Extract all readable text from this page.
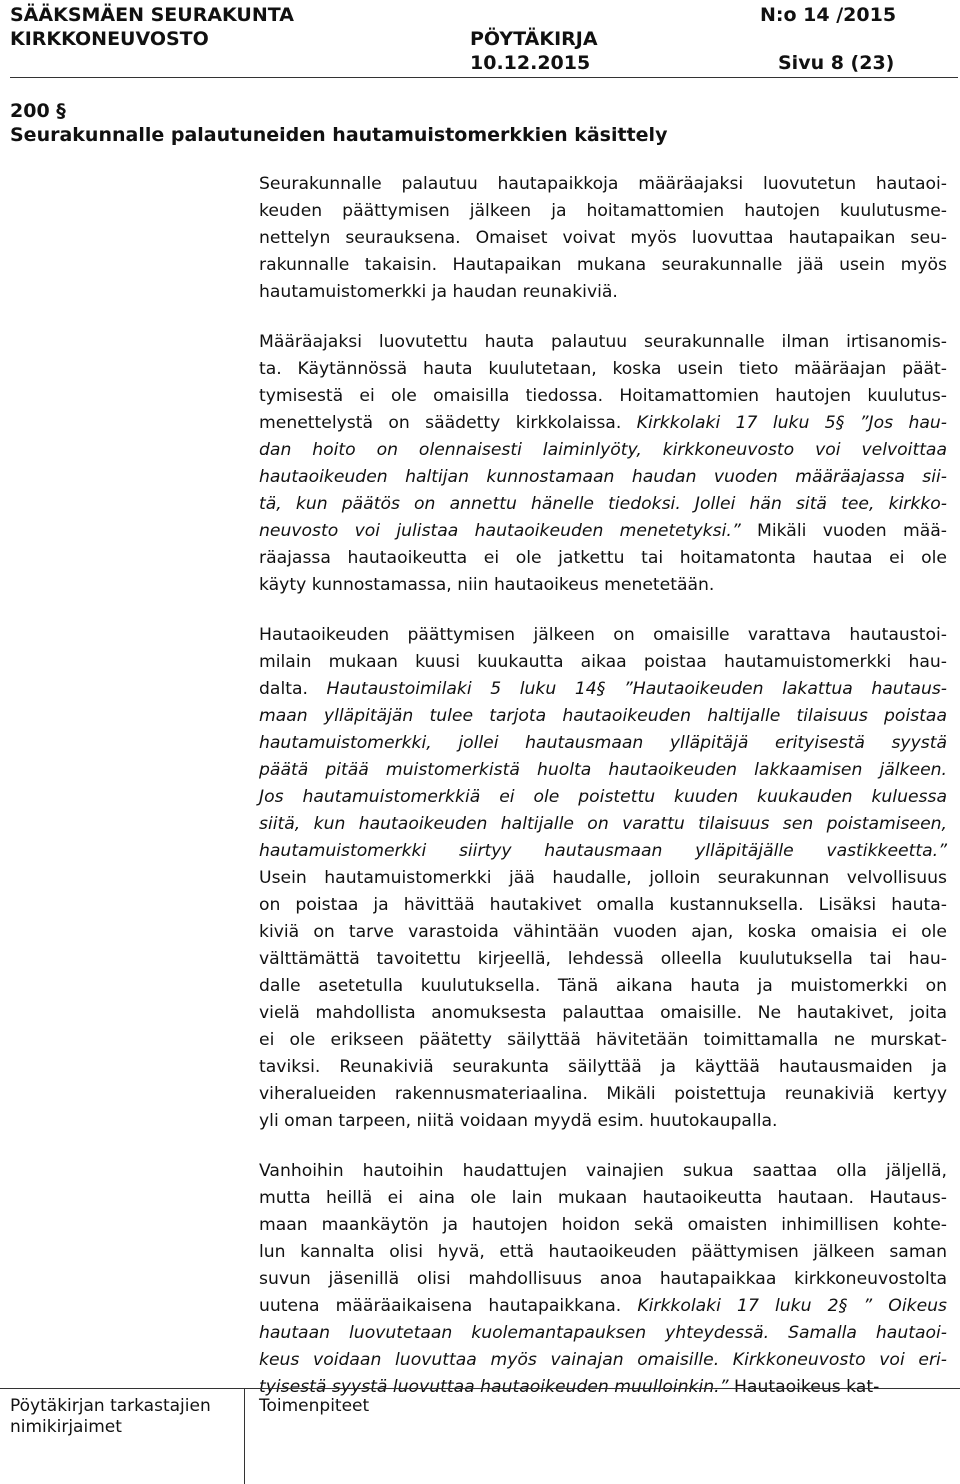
SÄÄKSMÄEN SEURAKUNTA
KIRKKONEUVOSTO	PÖYTÄKIRJA
10.12.2015
N:o 14 /2015
Sivu 8 (23)
200 §
Seurakunnalle palautuneiden hautamuistomerkkien käsittely

Seurakunnalle palautuu hautapaikkoja määräajaksi luovutetun hautaoi-
keuden päättymisen jälkeen ja hoitamattomien hautojen kuulutusme-
nettelyn seurauksena. Omaiset voivat myös luovuttaa hautapaikan seu-
rakunnalle takaisin. Hautapaikan mukana seurakunnalle jää usein myös
hautamuistomerkki ja haudan reunakiviä.

Määräajaksi luovutettu hauta palautuu seurakunnalle ilman irtisanomis-
ta. Käytännössä hauta kuulutetaan, koska usein tieto määräajan päät-
tymisestä ei ole omaisilla tiedossa. Hoitamattomien hautojen kuulutus-
menettelystä on säädetty kirkkolaissa. Kirkkolaki 17 luku 5§ ”Jos hau-
dan hoito on olennaisesti laiminlyöty, kirkkoneuvosto voi velvoittaa
hautaoikeuden haltijan kunnostamaan haudan vuoden määräajassa sii-
tä, kun päätös on annettu hänelle tiedoksi. Jollei hän sitä tee, kirkko-
neuvosto voi julistaa hautaoikeuden menetetyksi.” Mikäli vuoden mää-
räajassa hautaoikeutta ei ole jatkettu tai hoitamatonta hautaa ei ole
käyty kunnostamassa, niin hautaoikeus menetetään.

Hautaoikeuden päättymisen jälkeen on omaisille varattava hautaustoi-
milain mukaan kuusi kuukautta aikaa poistaa hautamuistomerkki hau-
dalta. Hautaustoimilaki 5 luku 14§ ”Hautaoikeuden lakattua hautaus-
maan ylläpitäjän tulee tarjota hautaoikeuden haltijalle tilaisuus poistaa
hautamuistomerkki, jollei hautausmaan ylläpitäjä erityisestä syystä
päätä pitää muistomerkistä huolta hautaoikeuden lakkaamisen jälkeen.
Jos hautamuistomerkkiä ei ole poistettu kuuden kuukauden kuluessa
siitä, kun hautaoikeuden haltijalle on varattu tilaisuus sen poistamiseen,
hautamuistomerkki siirtyy hautausmaan ylläpitäjälle vastikkeetta.”
Usein hautamuistomerkki jää haudalle, jolloin seurakunnan velvollisuus
on poistaa ja hävittää hautakivet omalla kustannuksella. Lisäksi hauta-
kiviä on tarve varastoida vähintään vuoden ajan, koska omaisia ei ole
välttämättä tavoitettu kirjeellä, lehdessä olleella kuulutuksella tai hau-
dalle asetetulla kuulutuksella. Tänä aikana hauta ja muistomerkki on
vielä mahdollista anomuksesta palauttaa omaisille. Ne hautakivet, joita
ei ole erikseen päätetty säilyttää hävitetään toimittamalla ne murskat-
taviksi. Reunakiviä seurakunta säilyttää ja käyttää hautausmaiden ja
viheralueiden rakennusmateriaalina. Mikäli poistettuja reunakiviä kertyy
yli oman tarpeen, niitä voidaan myydä esim. huutokaupalla.

Vanhoihin hautoihin haudattujen vainajien sukua saattaa olla jäljellä,
mutta heillä ei aina ole lain mukaan hautaoikeutta hautaan. Hautaus-
maan maankäytön ja hautojen hoidon sekä omaisten inhimillisen kohte-
lun kannalta olisi hyvä, että hautaoikeuden päättymisen jälkeen saman
suvun jäsenillä olisi mahdollisuus anoa hautapaikkaa kirkkoneuvostolta
uutena määräaikaisena hautapaikkana. Kirkkolaki 17 luku 2§ ” Oikeus
hautaan luovutetaan kuolemantapauksen yhteydessä. Samalla hautaoi-
keus voidaan luovuttaa myös vainajan omaisille. Kirkkoneuvosto voi eri-
tyisestä syystä luovuttaa hautaoikeuden muulloinkin.” Hautaoikeus kat-

Pöytäkirjan tarkastajien
nimikirjaimet
Toimenpiteet
